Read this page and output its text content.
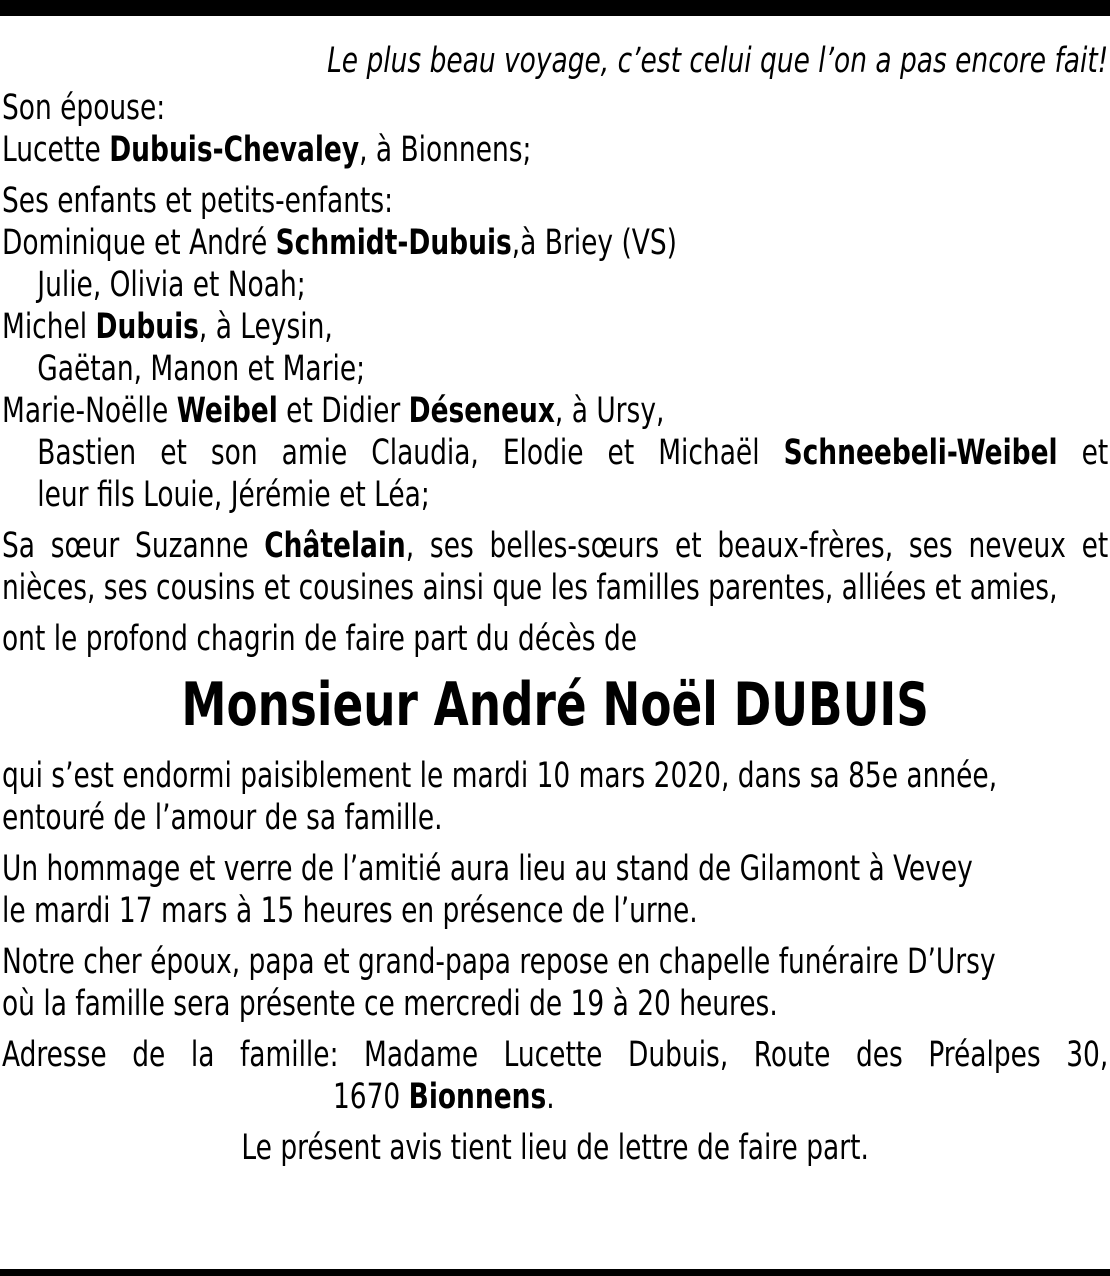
Le plus beau voyage, c’est celui que l’on a pas encore fait!
Son épouse:
Lucette Dubuis-Chevaley, à Bionnens;
Ses enfants et petits-enfants:
Dominique et André Schmidt-Dubuis,à Briey (VS)
Julie, Olivia et Noah;
Michel Dubuis, à Leysin,
Gaëtan, Manon et Marie;
Marie-Noëlle Weibel et Didier Déseneux, à Ursy,
Bastien et son amie Claudia, Elodie et Michaël Schneebeli-Weibel et
leur fils Louie, Jérémie et Léa;
Sa sœur Suzanne Châtelain, ses belles-sœurs et beaux-frères, ses neveux et nièces, ses cousins et cousines ainsi que les familles parentes, alliées et amies,
ont le profond chagrin de faire part du décès de
Monsieur André Noël DUBUIS
qui s’est endormi paisiblement le mardi 10 mars 2020, dans sa 85e année,
entouré de l’amour de sa famille.
Un hommage et verre de l’amitié aura lieu au stand de Gilamont à Vevey
le mardi 17 mars à 15 heures en présence de l’urne.
Notre cher époux, papa et grand-papa repose en chapelle funéraire D’Ursy
où la famille sera présente ce mercredi de 19 à 20 heures.
Adresse de la famille: Madame Lucette Dubuis, Route des Préalpes 30,
1670 Bionnens.
Le présent avis tient lieu de lettre de faire part.
